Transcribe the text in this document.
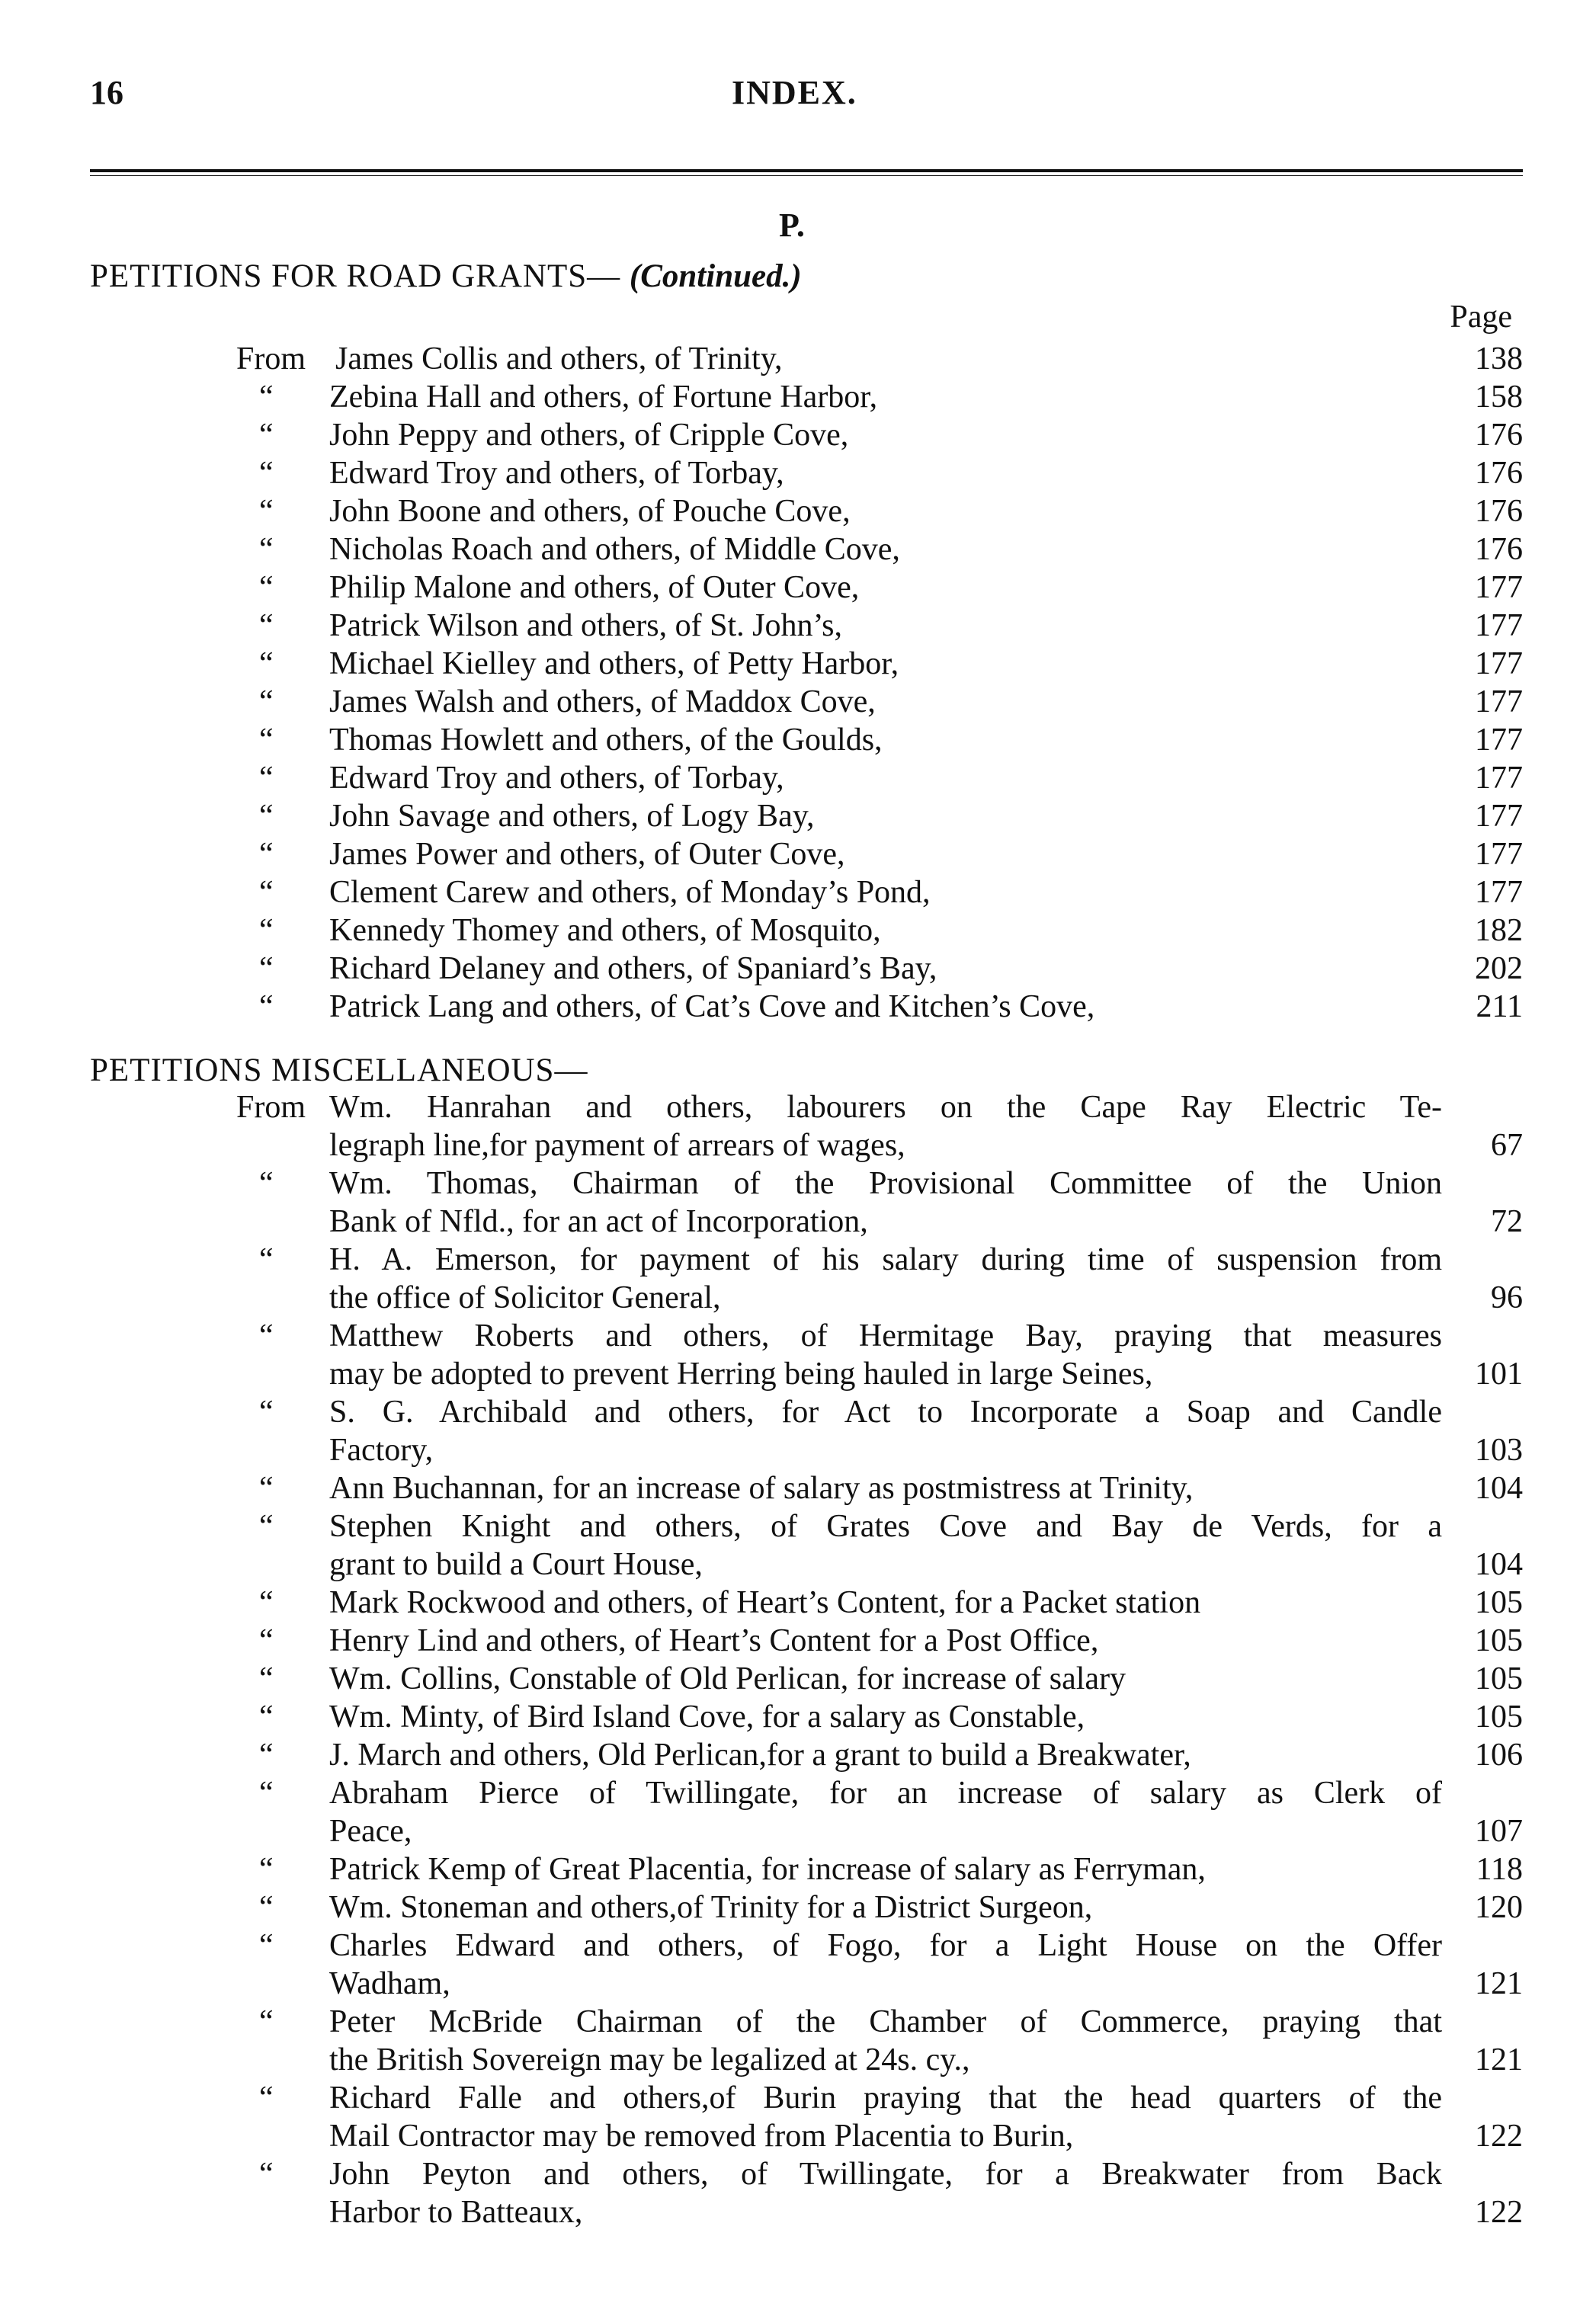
16	INDEX.
P.
PETITIONS FOR ROAD GRANTS— (Continued.)
Page
From James Collis and others, of Trinity,	138
“ Zebina Hall and others, of Fortune Harbor,	158
“ John Peppy and others, of Cripple Cove,	176
“ Edward Troy and others, of Torbay,	176
“ John Boone and others, of Pouche Cove,	176
“ Nicholas Roach and others, of Middle Cove,	176
“ Philip Malone and others, of Outer Cove,	177
“ Patrick Wilson and others, of St. John’s,	177
“ Michael Kielley and others, of Petty Harbor,	177
“ James Walsh and others, of Maddox Cove,	177
“ Thomas Howlett and others, of the Goulds,	177
“ Edward Troy and others, of Torbay,	177
“ John Savage and others, of Logy Bay,	177
“ James Power and others, of Outer Cove,	177
“ Clement Carew and others, of Monday’s Pond,	177
“ Kennedy Thomey and others, of Mosquito,	182
“ Richard Delaney and others, of Spaniard’s Bay,	202
“ Patrick Lang and others, of Cat’s Cove and Kitchen’s Cove,	211
PETITIONS MISCELLANEOUS—
From Wm. Hanrahan and others, labourers on the Cape Ray Electric Te-
legraph line,for payment of arrears of wages,	67
“ Wm. Thomas, Chairman of the Provisional Committee of the Union
Bank of Nfld., for an act of Incorporation,	72
“ H. A. Emerson, for payment of his salary during time of suspension from
the office of Solicitor General,	96
“ Matthew Roberts and others, of Hermitage Bay, praying that measures
may be adopted to prevent Herring being hauled in large Seines,	101
“ S. G. Archibald and others, for Act to Incorporate a Soap and Candle
Factory,	103
“ Ann Buchannan, for an increase of salary as postmistress at Trinity,	104
“ Stephen Knight and others, of Grates Cove and Bay de Verds, for a
grant to build a Court House,	104
“ Mark Rockwood and others, of Heart’s Content, for a Packet station	105
“ Henry Lind and others, of Heart’s Content for a Post Office,	105
“ Wm. Collins, Constable of Old Perlican, for increase of salary	105
“ Wm. Minty, of Bird Island Cove, for a salary as Constable,	105
“ J. March and others, Old Perlican,for a grant to build a Breakwater,	106
“ Abraham Pierce of Twillingate, for an increase of salary as Clerk of
Peace,	107
“ Patrick Kemp of Great Placentia, for increase of salary as Ferryman,	118
“ Wm. Stoneman and others,of Trinity for a District Surgeon,	120
“ Charles Edward and others, of Fogo, for a Light House on the Offer
Wadham,	121
“ Peter McBride Chairman of the Chamber of Commerce, praying that
the British Sovereign may be legalized at 24s. cy.,	121
“ Richard Falle and others,of Burin praying that the head quarters of the
Mail Contractor may be removed from Placentia to Burin,	122
“ John Peyton and others, of Twillingate, for a Breakwater from Back
Harbor to Batteaux,	122
